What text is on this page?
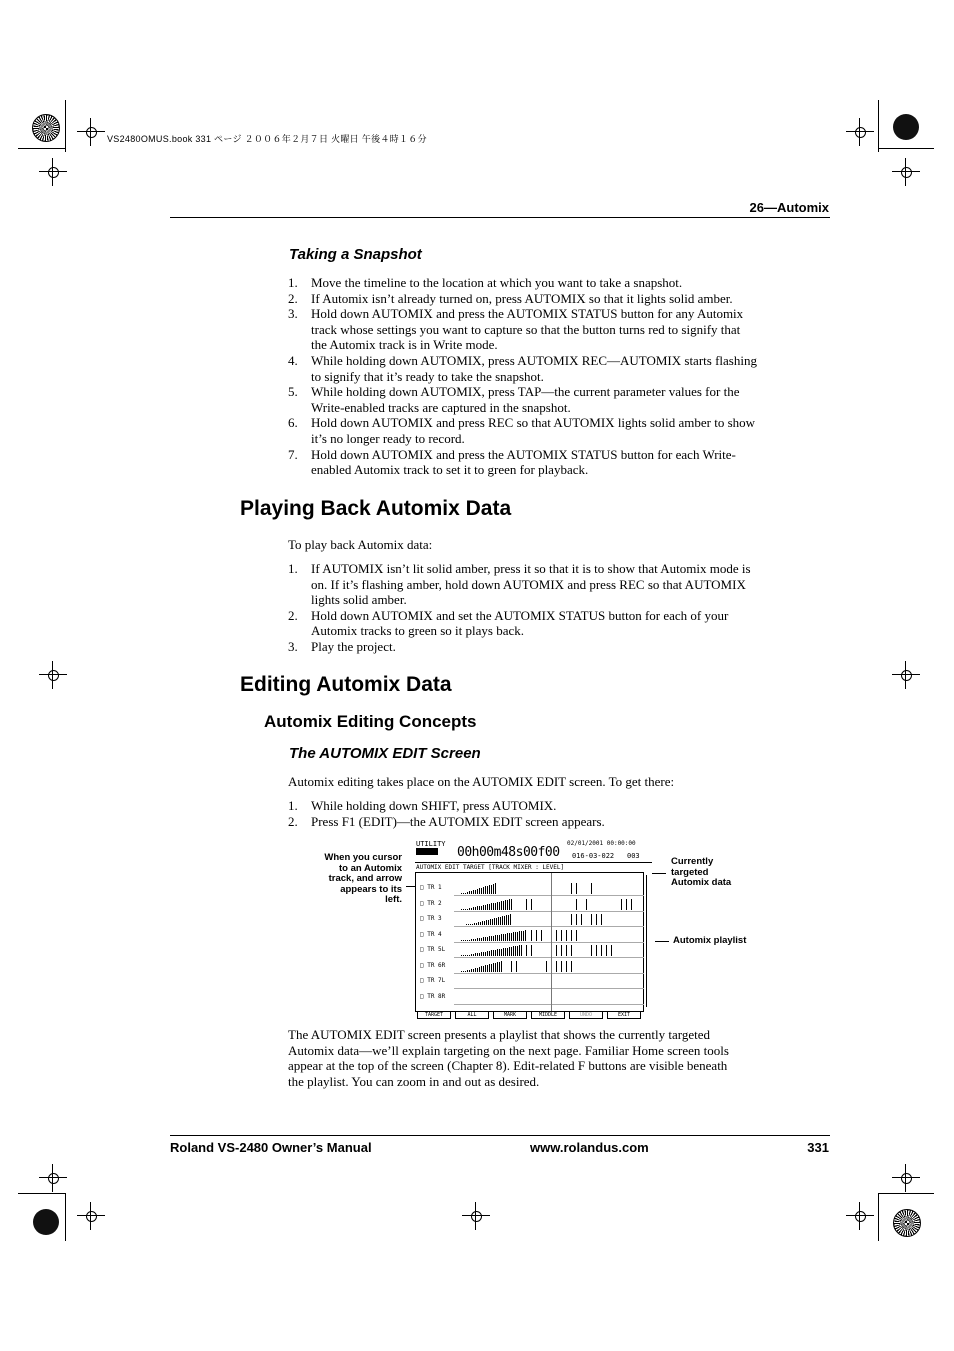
VS2480OMUS.book 331 ページ ２００６年２月７日 火曜日 午後４時１６分
26—Automix
Taking a Snapshot
1. Move the timeline to the location at which you want to take a snapshot.
2. If Automix isn’t already turned on, press AUTOMIX so that it lights solid amber.
3. Hold down AUTOMIX and press the AUTOMIX STATUS button for any Automix
track whose settings you want to capture so that the button turns red to signify that
the Automix track is in Write mode.
4. While holding down AUTOMIX, press AUTOMIX REC—AUTOMIX starts flashing
to signify that it’s ready to take the snapshot.
5. While holding down AUTOMIX, press TAP—the current parameter values for the
Write-enabled tracks are captured in the snapshot.
6. Hold down AUTOMIX and press REC so that AUTOMIX lights solid amber to show
it’s no longer ready to record.
7. Hold down AUTOMIX and press the AUTOMIX STATUS button for each Write-
enabled Automix track to set it to green for playback.
Playing Back Automix Data

To play back Automix data:

1. If AUTOMIX isn’t lit solid amber, press it so that it is to show that Automix mode is
on. If it’s flashing amber, hold down AUTOMIX and press REC so that AUTOMIX
lights solid amber.
2. Hold down AUTOMIX and set the AUTOMIX STATUS button for each of your
Automix tracks to green so it plays back.
3. Play the project.
Editing Automix Data
Automix Editing Concepts
The AUTOMIX EDIT Screen

Automix editing takes place on the AUTOMIX EDIT screen. To get there:

1. While holding down SHIFT, press AUTOMIX.
2. Press F1 (EDIT)—the AUTOMIX EDIT screen appears.
When you cursor
to an Automix
track, and arrow
appears to its
left.
Currently
targeted
Automix data
Automix playlist
UTILITY	02/01/2001 00:00:00
00h00m48s00f00 016-03-022 003
AUTOMIX EDIT TARGET [TRACK MIXER : LEVEL]
□ TR 1
□ TR 2
□ TR 3
□ TR 4
□ TR 5L
□ TR 6R
□ TR 7L
□ TR 8R
TARGET	ALL	MARK	MIDDLE	UNDO	EXIT

The AUTOMIX EDIT screen presents a playlist that shows the currently targeted
Automix data—we’ll explain targeting on the next page. Familiar Home screen tools
appear at the top of the screen (Chapter 8). Edit-related F buttons are visible beneath
the playlist. You can zoom in and out as desired.

Roland VS-2480 Owner’s Manual	www.rolandus.com	331
